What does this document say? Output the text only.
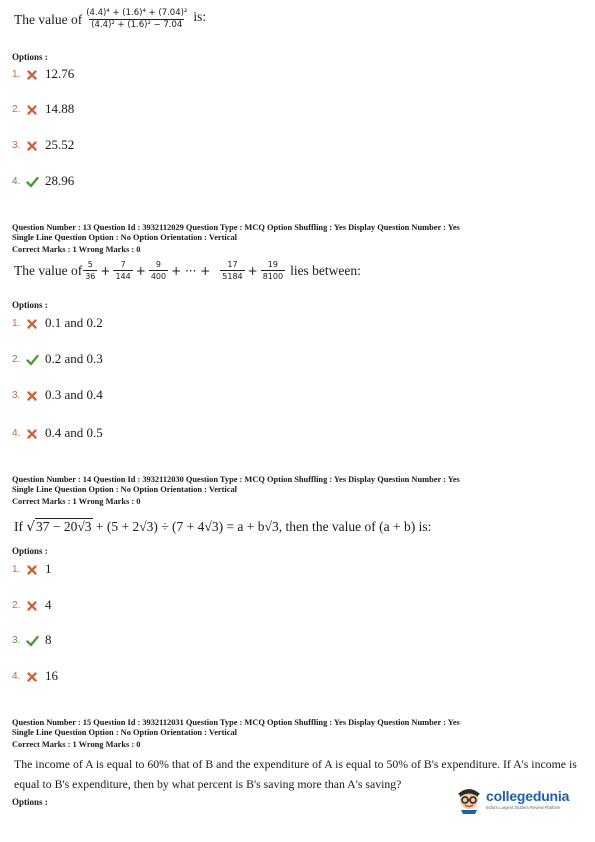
The value of $\frac{\text{(4.4)⁴ + (1.6)⁴ + (7.04)²}}{\text{(4.4)² + (1.6)² − 7.04}}$ is:
Options :
1.	12.76
2.	14.88
3.	25.52
4.	28.96
Question Number : 13 Question Id : 3932112029 Question Type : MCQ Option Shuffling : Yes Display Question Number : Yes
Single Line Question Option : No Option Orientation : Vertical
Correct Marks : 1 Wrong Marks : 0
The value of $\frac{5}{36} + \frac{7}{144} + \frac{9}{400}$ + ··· + $\frac{17}{5184} + \frac{19}{8100}$ lies between:
Options :
1.	0.1 and 0.2
2.	0.2 and 0.3
3.	0.3 and 0.4
4.	0.4 and 0.5
Question Number : 14 Question Id : 3932112030 Question Type : MCQ Option Shuffling : Yes Display Question Number : Yes
Single Line Question Option : No Option Orientation : Vertical
Correct Marks : 1 Wrong Marks : 0
If √37 − 20√3 + (5 + 2√3) ÷ (7 + 4√3) = a + b√3, then the value of (a + b) is:
Options :
1.	1
2.	4
3.	8
4.	16
Question Number : 15 Question Id : 3932112031 Question Type : MCQ Option Shuffling : Yes Display Question Number : Yes
Single Line Question Option : No Option Orientation : Vertical
Correct Marks : 1 Wrong Marks : 0
The income of A is equal to 60% that of B and the expenditure of A is equal to 50% of B's expenditure. If A's income is
equal to B's expenditure, then by what percent is B's saving more than A's saving?
Options :	collegedunia
India's Largest Student Review Platform
